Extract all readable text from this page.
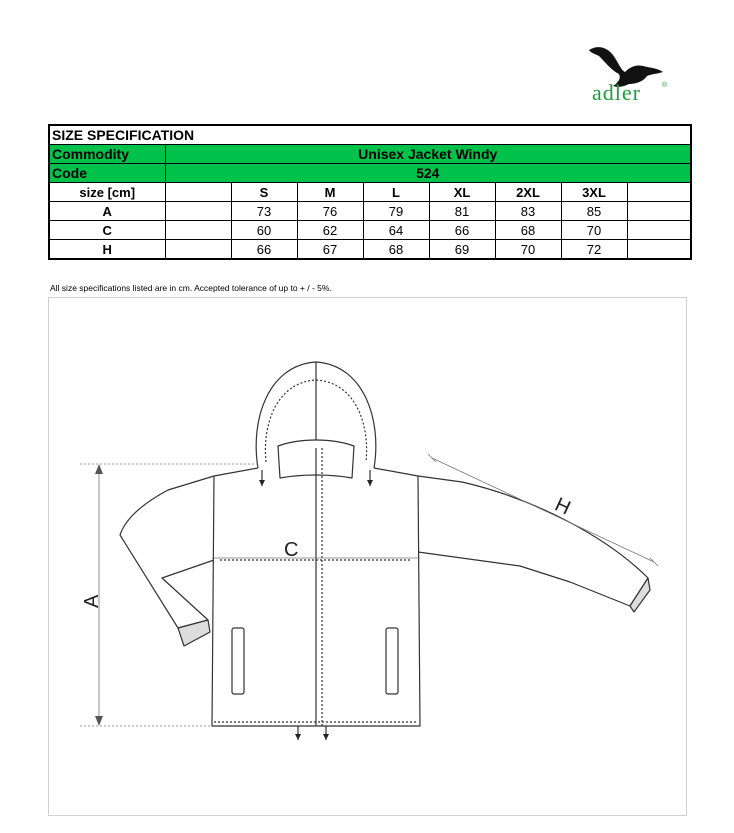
adler	®
SIZE SPECIFICATION								
Commodity	Unisex Jacket Windy							
Code	524							
size [cm]		S	M	L	XL	2XL	3XL	
A		73	76	79	81	83	85	
C		60	62	64	66	68	70	
H		66	67	68	69	70	72	
All size specifications listed are in cm. Accepted tolerance of up to + / - 5%.
A
C
H
